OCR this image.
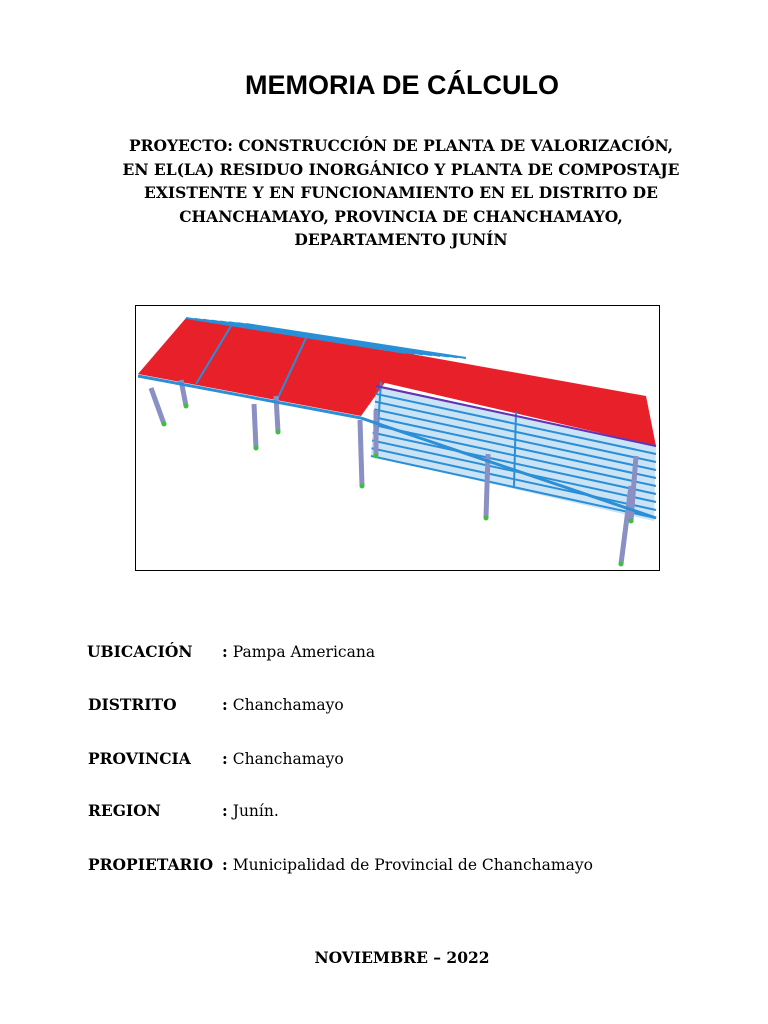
MEMORIA DE CÁLCULO
PROYECTO: CONSTRUCCIÓN DE PLANTA DE VALORIZACIÓN,
EN EL(LA) RESIDUO INORGÁNICO Y PLANTA DE COMPOSTAJE
EXISTENTE Y EN FUNCIONAMIENTO EN EL DISTRITO DE
CHANCHAMAYO, PROVINCIA DE CHANCHAMAYO,
DEPARTAMENTO JUNÍN
UBICACIÓN : Pampa Americana
DISTRITO	: Chanchamayo
PROVINCIA : Chanchamayo
REGION	: Junín.
PROPIETARIO : Municipalidad de Provincial de Chanchamayo
NOVIEMBRE – 2022
